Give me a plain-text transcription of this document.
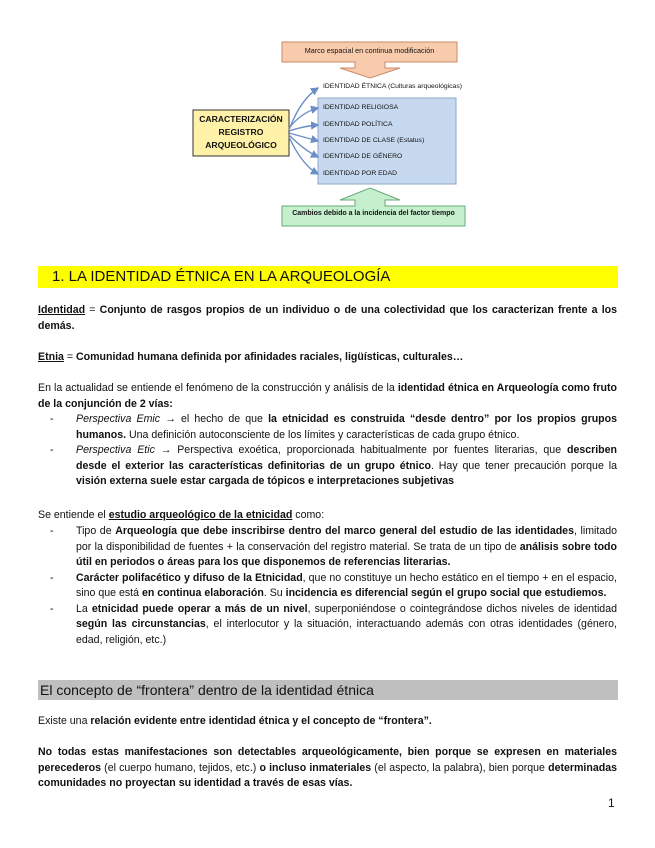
Marco espacial en continua modificación
CARACTERIZACIÓN
REGISTRO
ARQUEOLÓGICO
IDENTIDAD ÉTNICA (Culturas arqueológicas)
IDENTIDAD RELIGIOSA
IDENTIDAD POLÍTICA
IDENTIDAD DE CLASE (Estatus)
IDENTIDAD DE GÉNERO
IDENTIDAD POR EDAD
Cambios debido a la incidencia del factor tiempo
1. LA IDENTIDAD ÉTNICA EN LA ARQUEOLOGÍA
Identidad = Conjunto de rasgos propios de un individuo o de una colectividad que los caracterizan frente a los demás.
Etnia = Comunidad humana definida por afinidades raciales, ligüísticas, culturales…
En la actualidad se entiende el fenómeno de la construcción y análisis de la identidad étnica en Arqueología como fruto de la conjunción de 2 vías:
- Perspectiva Emic → el hecho de que la etnicidad es construida “desde dentro” por los propios grupos humanos. Una definición autoconsciente de los límites y características de cada grupo étnico.
- Perspectiva Etic → Perspectiva exoética, proporcionada habitualmente por fuentes literarias, que describen desde el exterior las características definitorias de un grupo étnico. Hay que tener precaución porque la visión externa suele estar cargada de tópicos e interpretaciones subjetivas
Se entiende el estudio arqueológico de la etnicidad como:
- Tipo de Arqueología que debe inscribirse dentro del marco general del estudio de las identidades, limitado por la disponibilidad de fuentes + la conservación del registro material. Se trata de un tipo de análisis sobre todo útil en periodos o áreas para los que disponemos de referencias literarias.
- Carácter polifacético y difuso de la Etnicidad, que no constituye un hecho estático en el tiempo + en el espacio, sino que está en continua elaboración. Su incidencia es diferencial según el grupo social que estudiemos.
- La etnicidad puede operar a más de un nivel, superponiéndose o cointegrándose dichos niveles de identidad según las circunstancias, el interlocutor y la situación, interactuando además con otras identidades (género, edad, religión, etc.)
El concepto de “frontera” dentro de la identidad étnica
Existe una relación evidente entre identidad étnica y el concepto de “frontera”.
No todas estas manifestaciones son detectables arqueológicamente, bien porque se expresen en materiales perecederos (el cuerpo humano, tejidos, etc.) o incluso inmateriales (el aspecto, la palabra), bien porque determinadas comunidades no proyectan su identidad a través de esas vías.
1
